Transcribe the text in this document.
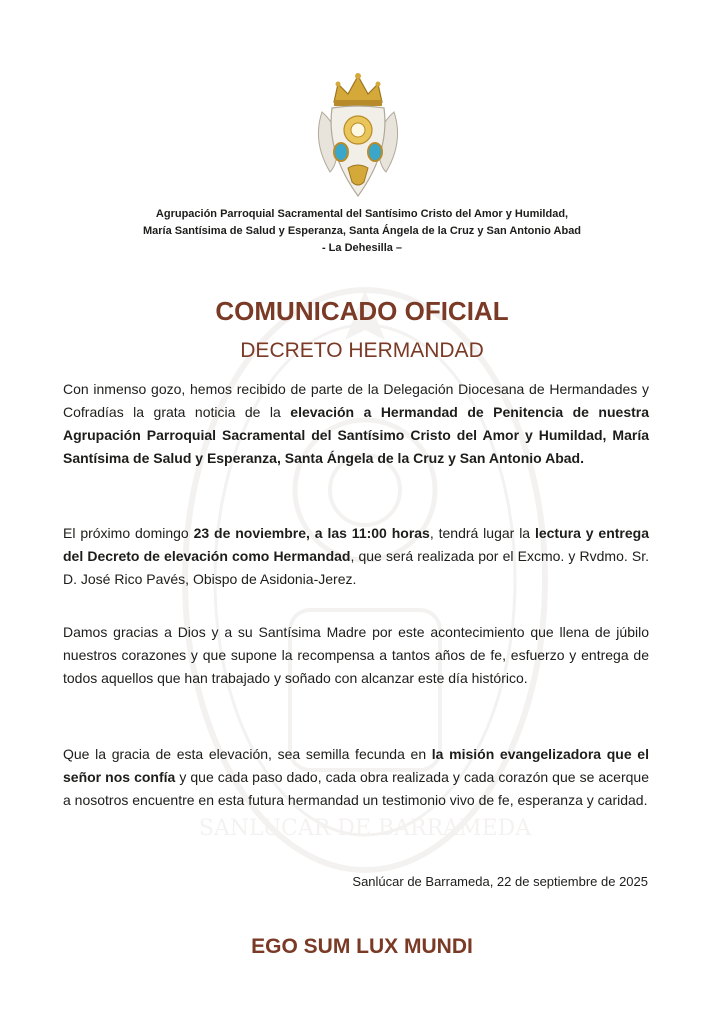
SANLUCAR DE BARRAMEDA
Agrupación Parroquial Sacramental del Santísimo Cristo del Amor y Humildad,
María Santísima de Salud y Esperanza, Santa Ángela de la Cruz y San Antonio Abad
- La Dehesilla –
COMUNICADO OFICIAL
DECRETO HERMANDAD
Con inmenso gozo, hemos recibido de parte de la Delegación Diocesana de Hermandades y Cofradías la grata noticia de la elevación a Hermandad de Penitencia de nuestra Agrupación Parroquial Sacramental del Santísimo Cristo del Amor y Humildad, María Santísima de Salud y Esperanza, Santa Ángela de la Cruz y San Antonio Abad.
El próximo domingo 23 de noviembre, a las 11:00 horas, tendrá lugar la lectura y entrega del Decreto de elevación como Hermandad, que será realizada por el Excmo. y Rvdmo. Sr. D. José Rico Pavés, Obispo de Asidonia-Jerez.
Damos gracias a Dios y a su Santísima Madre por este acontecimiento que llena de júbilo nuestros corazones y que supone la recompensa a tantos años de fe, esfuerzo y entrega de todos aquellos que han trabajado y soñado con alcanzar este día histórico.
Que la gracia de esta elevación, sea semilla fecunda en la misión evangelizadora que el señor nos confía y que cada paso dado, cada obra realizada y cada corazón que se acerque a nosotros encuentre en esta futura hermandad un testimonio vivo de fe, esperanza y caridad.
Sanlúcar de Barrameda, 22 de septiembre de 2025
EGO SUM LUX MUNDI
